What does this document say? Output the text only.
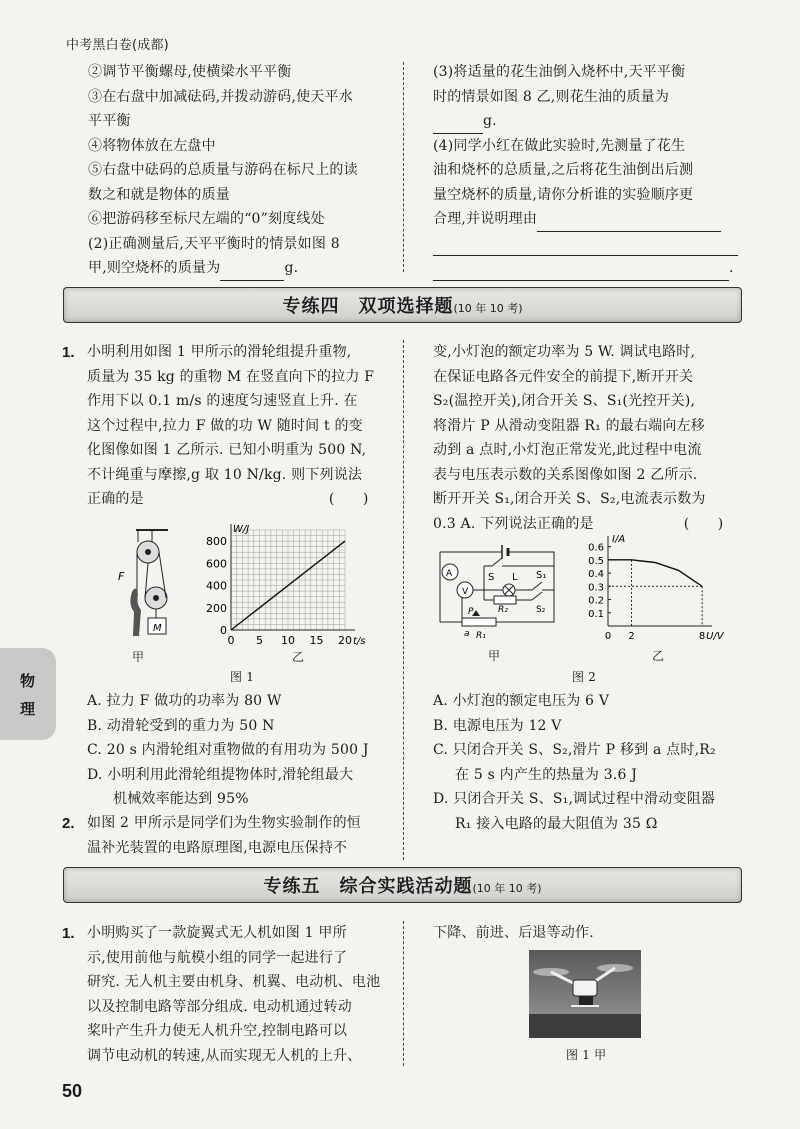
中考黑白卷(成都)
②调节平衡螺母,使横梁水平平衡
③在右盘中加减砝码,并拨动游码,使天平水
平平衡
④将物体放在左盘中
⑤右盘中砝码的总质量与游码在标尺上的读
数之和就是物体的质量
⑥把游码移至标尺左端的“0”刻度线处
(2)正确测量后,天平平衡时的情景如图 8
甲,则空烧杯的质量为	g.
(3)将适量的花生油倒入烧杯中,天平平衡
时的情景如图 8 乙,则花生油的质量为
g.
(4)同学小红在做此实验时,先测量了花生
油和烧杯的总质量,之后将花生油倒出后测
量空烧杯的质量,请你分析谁的实验顺序更
合理,并说明理由
.
专练四　双项选择题(10 年 10 考)
1. 小明利用如图 1 甲所示的滑轮组提升重物,
质量为 35 kg 的重物 M 在竖直向下的拉力 F
作用下以 0.1 m/s 的速度匀速竖直上升. 在
这个过程中,拉力 F 做的功 W 随时间 t 的变
化图像如图 1 乙所示. 已知小明重为 500 N,
不计绳重与摩擦,g 取 10 N/kg. 则下列说法
正确的是	(　　)
M
F
0
200
400
600
800
0 5 10 15 20
W/J
t/s
甲	乙
图 1
A. 拉力 F 做功的功率为 80 W
B. 动滑轮受到的重力为 50 N
C. 20 s 内滑轮组对重物做的有用功为 500 J
D. 小明利用此滑轮组提物体时,滑轮组最大
机械效率能达到 95%
2. 如图 2 甲所示是同学们为生物实验制作的恒
温补光装置的电路原理图,电源电压保持不
变,小灯泡的额定功率为 5 W. 调试电路时,
在保证电路各元件安全的前提下,断开开关
S₂(温控开关),闭合开关 S、S₁(光控开关),
将滑片 P 从滑动变阻器 R₁ 的最右端向左移
动到 a 点时,小灯泡正常发光,此过程中电流
表与电压表示数的关系图像如图 2 乙所示.
断开开关 S₁,闭合开关 S、S₂,电流表示数为
0.3 A. 下列说法正确的是	(　　)
A
V
S L S₁
R₂	S₂
P
a R₁
0.1
0.2
0.3
0.4
0.5
0.6
0 2	8
I/A
U/V
甲	乙
图 2
A. 小灯泡的额定电压为 6 V
B. 电源电压为 12 V
C. 只闭合开关 S、S₂,滑片 P 移到 a 点时,R₂
在 5 s 内产生的热量为 3.6 J
D. 只闭合开关 S、S₁,调试过程中滑动变阻器
R₁ 接入电路的最大阻值为 35 Ω
专练五　综合实践活动题(10 年 10 考)
1. 小明购买了一款旋翼式无人机如图 1 甲所
示,使用前他与航模小组的同学一起进行了
研究. 无人机主要由机身、机翼、电动机、电池
以及控制电路等部分组成. 电动机通过转动
桨叶产生升力使无人机升空,控制电路可以
调节电动机的转速,从而实现无人机的上升、
下降、前进、后退等动作.
图 1 甲
物
理
50
